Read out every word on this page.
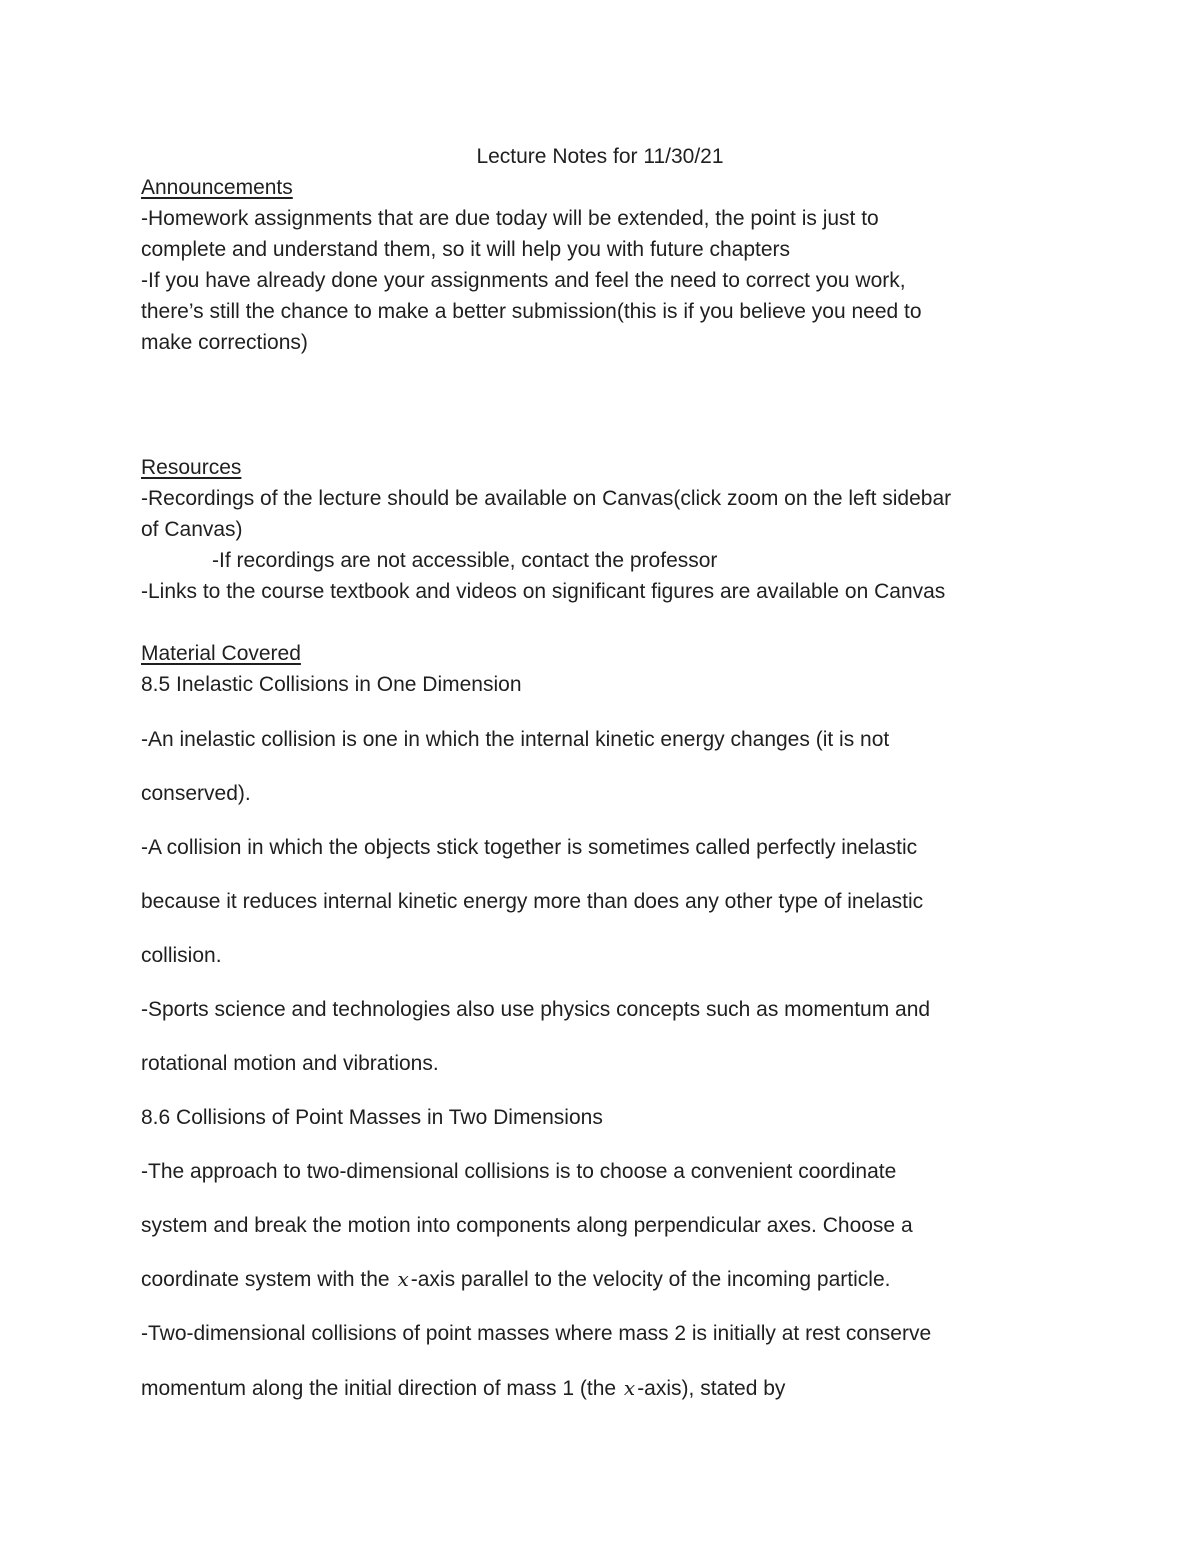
Lecture Notes for 11/30/21
Announcements
-Homework assignments that are due today will be extended, the point is just to
complete and understand them, so it will help you with future chapters
-If you have already done your assignments and feel the need to correct you work,
there’s still the chance to make a better submission(this is if you believe you need to
make corrections)
Resources
-Recordings of the lecture should be available on Canvas(click zoom on the left sidebar
of Canvas)
-If recordings are not accessible, contact the professor
-Links to the course textbook and videos on significant figures are available on Canvas
Material Covered
8.5 Inelastic Collisions in One Dimension
-An inelastic collision is one in which the internal kinetic energy changes (it is not
conserved).
-A collision in which the objects stick together is sometimes called perfectly inelastic
because it reduces internal kinetic energy more than does any other type of inelastic
collision.
-Sports science and technologies also use physics concepts such as momentum and
rotational motion and vibrations.
8.6 Collisions of Point Masses in Two Dimensions
-The approach to two-dimensional collisions is to choose a convenient coordinate
system and break the motion into components along perpendicular axes. Choose a
coordinate system with the x-axis parallel to the velocity of the incoming particle.
-Two-dimensional collisions of point masses where mass 2 is initially at rest conserve
momentum along the initial direction of mass 1 (the x-axis), stated by
